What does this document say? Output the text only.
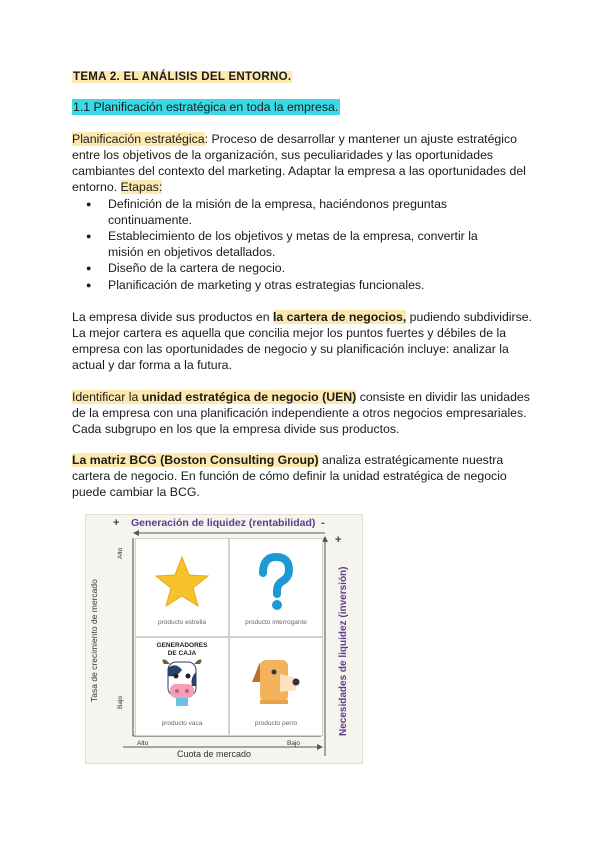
TEMA 2. EL ANÁLISIS DEL ENTORNO.
1.1 Planificación estratégica en toda la empresa.
Planificación estratégica: Proceso de desarrollar y mantener un ajuste estratégico entre los objetivos de la organización, sus peculiaridades y las oportunidades cambiantes del contexto del marketing. Adaptar la empresa a las oportunidades del entorno. Etapas:
● Definición de la misión de la empresa, haciéndonos preguntas continuamente.
● Establecimiento de los objetivos y metas de la empresa, convertir la misión en objetivos detallados.
● Diseño de la cartera de negocio.
● Planificación de marketing y otras estrategias funcionales.
La empresa divide sus productos en la cartera de negocios, pudiendo subdividirse. La mejor cartera es aquella que concilia mejor los puntos fuertes y débiles de la empresa con las oportunidades de negocio y su planificación incluye: analizar la actual y dar forma a la futura.
Identificar la unidad estratégica de negocio (UEN) consiste en dividir las unidades de la empresa con una planificación independiente a otros negocios empresariales. Cada subgrupo en los que la empresa divide sus productos.
La matriz BCG (Boston Consulting Group) analiza estratégicamente nuestra cartera de negocio. En función de cómo definir la unidad estratégica de negocio puede cambiar la BCG.
+ Generación de liquidez (rentabilidad) -
+
Necesidades de liquidez (inversión)
Tasa de crecimiento de mercado
Alto
Bajo
Alto	Bajo
Cuota de mercado
producto estrella	producto interrogante
GENERADORES
DE CAJA
producto vaca	producto perro
